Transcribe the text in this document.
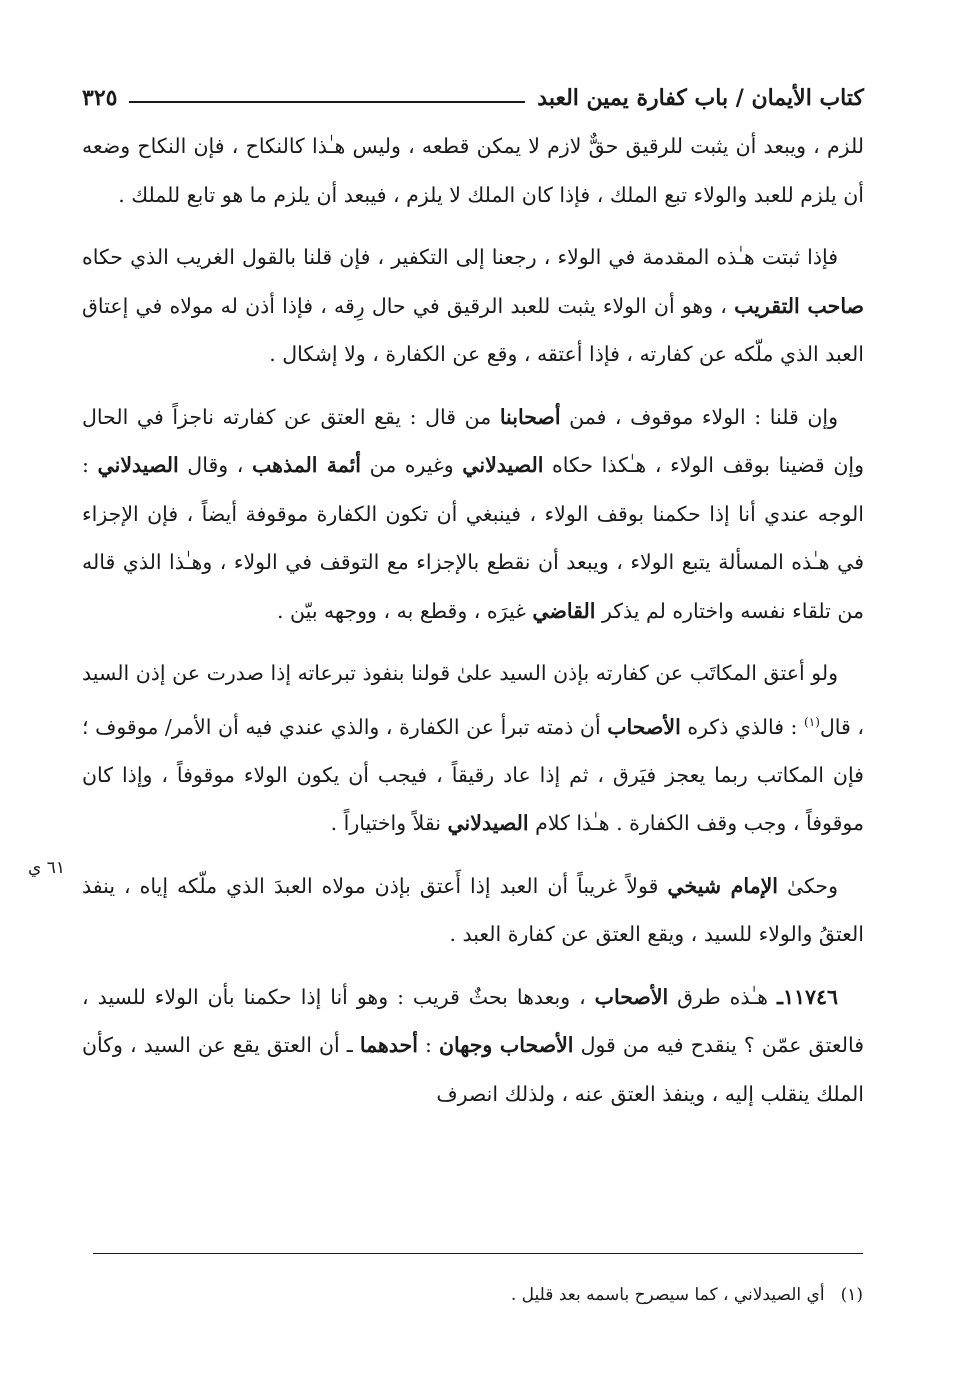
كتاب الأيمان / باب كفارة يمين العبد
٣٢٥
٦١ ي

للزم ، ويبعد أن يثبت للرقيق حقٌّ لازم لا يمكن قطعه ، وليس هـٰذا كالنكاح ، فإن النكاح وضعه أن يلزم للعبد والولاء تبع الملك ، فإذا كان الملك لا يلزم ، فيبعد أن يلزم ما هو تابع للملك .

فإذا ثبتت هـٰذه المقدمة في الولاء ، رجعنا إلى التكفير ، فإن قلنا بالقول الغريب الذي حكاه صاحب التقريب ، وهو أن الولاء يثبت للعبد الرقيق في حال رِقه ، فإذا أذن له مولاه في إعتاق العبد الذي ملّكه عن كفارته ، فإذا أعتقه ، وقع عن الكفارة ، ولا إشكال .

وإن قلنا : الولاء موقوف ، فمن أصحابنا من قال : يقع العتق عن كفارته ناجزاً في الحال وإن قضينا بوقف الولاء ، هـٰكذا حكاه الصيدلاني وغيره من أئمة المذهب ، وقال الصيدلاني : الوجه عندي أنا إذا حكمنا بوقف الولاء ، فينبغي أن تكون الكفارة موقوفة أيضاً ، فإن الإجزاء في هـٰذه المسألة يتبع الولاء ، ويبعد أن نقطع بالإجزاء مع التوقف في الولاء ، وهـٰذا الذي قاله من تلقاء نفسه واختاره لم يذكر القاضي غيرَه ، وقطع به ، ووجهه بيّن .

ولو أعتق المكاتَب عن كفارته بإذن السيد علىٰ قولنا بنفوذ تبرعاته إذا صدرت عن إذن السيد ، قال$^{(١)}$ : فالذي ذكره الأصحاب أن ذمته تبرأ عن الكفارة ، والذي عندي فيه أن الأمر/ موقوف ؛ فإن المكاتب ربما يعجز فيَرق ، ثم إذا عاد رقيقاً ، فيجب أن يكون الولاء موقوفاً ، وإذا كان موقوفاً ، وجب وقف الكفارة . هـٰذا كلام الصيدلاني نقلاً واختياراً .

وحكىٰ الإمام شيخي قولاً غريباً أن العبد إذا أَعتق بإذن مولاه العبدَ الذي ملّكه إياه ، ينفذ العتقُ والولاء للسيد ، ويقع العتق عن كفارة العبد .

١١٧٤٦ـ هـٰذه طرق الأصحاب ، وبعدها بحثٌ قريب : وهو أنا إذا حكمنا بأن الولاء للسيد ، فالعتق عمّن ؟ ينقدح فيه من قول الأصحاب وجهان : أحدهما ـ أن العتق يقع عن السيد ، وكأن الملك ينقلب إليه ، وينفذ العتق عنه ، ولذلك انصرف

(١)أي الصيدلاني ، كما سيصرح باسمه بعد قليل .
